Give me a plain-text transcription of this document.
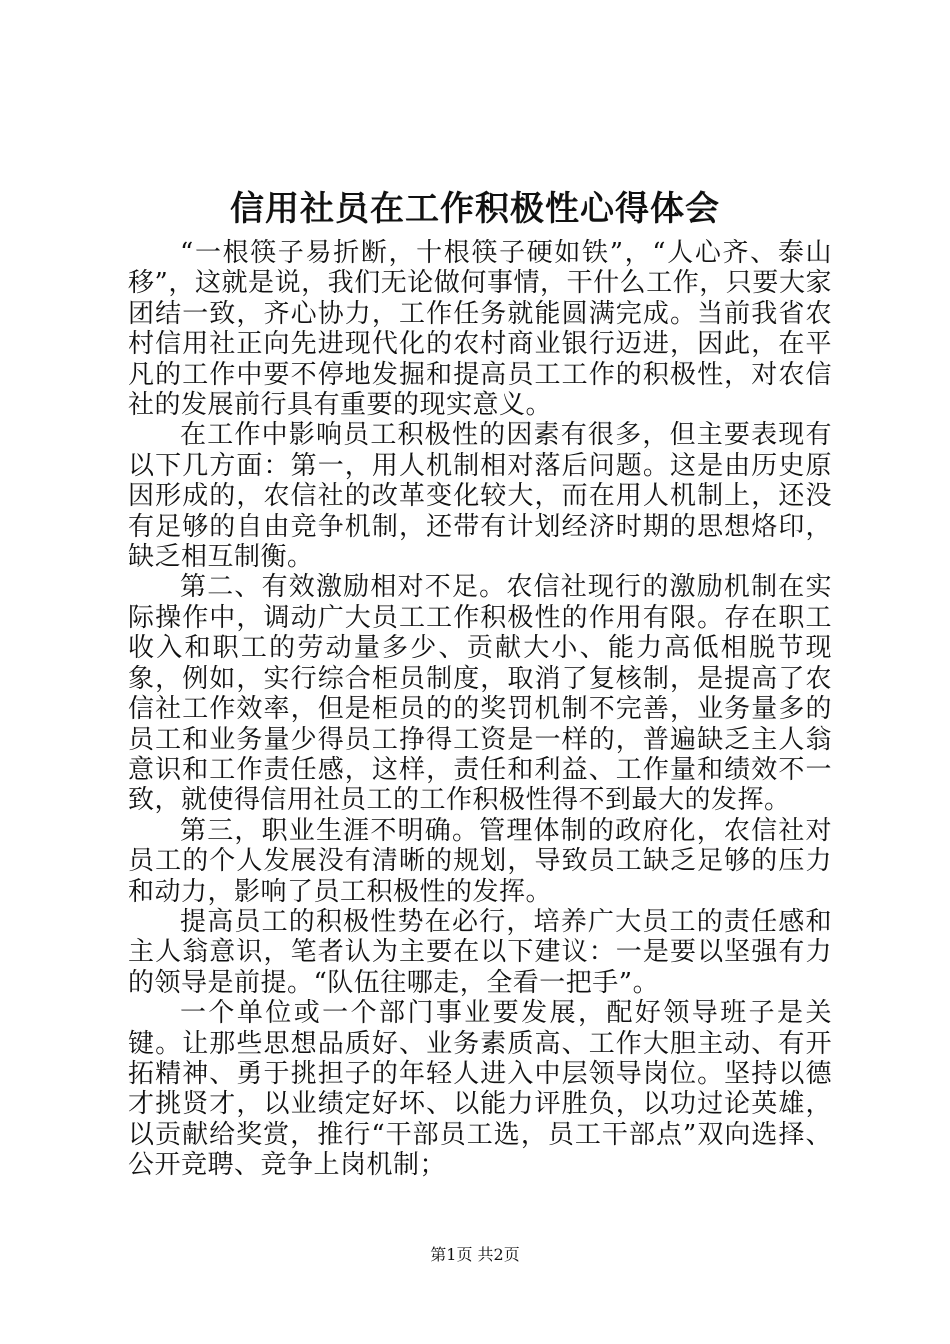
信用社员在工作积极性心得体会

“一根筷子易折断，十根筷子硬如铁”，“人心齐、泰山移”，这就是说，我们无论做何事情，干什么工作，只要大家团结一致，齐心协力，工作任务就能圆满完成。当前我省农村信用社正向先进现代化的农村商业银行迈进，因此，在平凡的工作中要不停地发掘和提高员工工作的积极性，对农信社的发展前行具有重要的现实意义。

在工作中影响员工积极性的因素有很多，但主要表现有以下几方面：第一，用人机制相对落后问题。这是由历史原因形成的，农信社的改革变化较大，而在用人机制上，还没有足够的自由竞争机制，还带有计划经济时期的思想烙印，缺乏相互制衡。

第二、有效激励相对不足。农信社现行的激励机制在实际操作中，调动广大员工工作积极性的作用有限。存在职工收入和职工的劳动量多少、贡献大小、能力高低相脱节现象，例如，实行综合柜员制度，取消了复核制，是提高了农信社工作效率，但是柜员的的奖罚机制不完善，业务量多的员工和业务量少得员工挣得工资是一样的，普遍缺乏主人翁意识和工作责任感，这样，责任和利益、工作量和绩效不一致，就使得信用社员工的工作积极性得不到最大的发挥。

第三，职业生涯不明确。管理体制的政府化，农信社对员工的个人发展没有清晰的规划，导致员工缺乏足够的压力和动力，影响了员工积极性的发挥。

提高员工的积极性势在必行，培养广大员工的责任感和主人翁意识，笔者认为主要在以下建议：一是要以坚强有力的领导是前提。“队伍往哪走，全看一把手”。

一个单位或一个部门事业要发展，配好领导班子是关键。让那些思想品质好、业务素质高、工作大胆主动、有开拓精神、勇于挑担子的年轻人进入中层领导岗位。坚持以德才挑贤才，以业绩定好坏、以能力评胜负，以功过论英雄，以贡献给奖赏，推行“干部员工选，员工干部点”双向选择、公开竞聘、竞争上岗机制；

第1页 共2页
